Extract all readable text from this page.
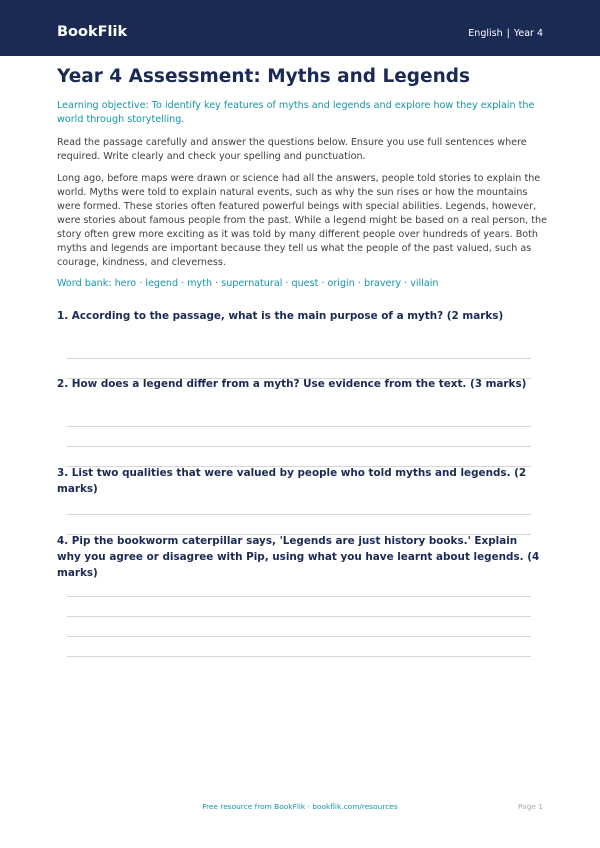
BookFlik	English | Year 4
Year 4 Assessment: Myths and Legends

Learning objective: To identify key features of myths and legends and explore how they explain the world through storytelling.

Read the passage carefully and answer the questions below. Ensure you use full sentences where required. Write clearly and check your spelling and punctuation.

Long ago, before maps were drawn or science had all the answers, people told stories to explain the world. Myths were told to explain natural events, such as why the sun rises or how the mountains were formed. These stories often featured powerful beings with special abilities. Legends, however, were stories about famous people from the past. While a legend might be based on a real person, the story often grew more exciting as it was told by many different people over hundreds of years. Both myths and legends are important because they tell us what the people of the past valued, such as courage, kindness, and cleverness.

Word bank: hero · legend · myth · supernatural · quest · origin · bravery · villain

1. According to the passage, what is the main purpose of a myth? (2 marks)

2. How does a legend differ from a myth? Use evidence from the text. (3 marks)

3. List two qualities that were valued by people who told myths and legends. (2 marks)

4. Pip the bookworm caterpillar says, 'Legends are just history books.' Explain why you agree or disagree with Pip, using what you have learnt about legends. (4 marks)

Free resource from BookFlik · bookflik.com/resources	Page 1
